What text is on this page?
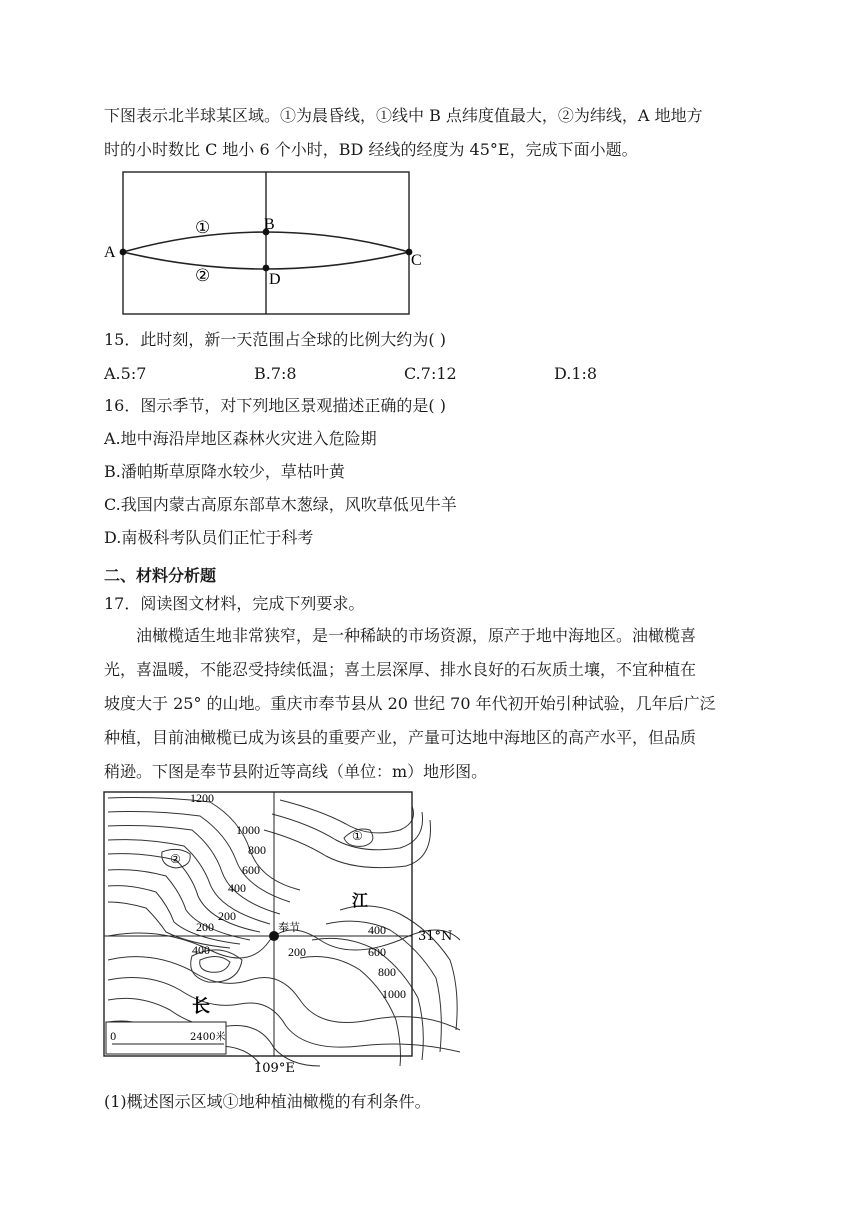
下图表示北半球某区域。①为晨昏线，①线中 B 点纬度值最大，②为纬线，A 地地方
时的小时数比 C 地小 6 个小时，BD 经线的经度为 45°E，完成下面小题。
A
B
C
D
①
②
15．此时刻，新一天范围占全球的比例大约为( )
A.5:7	B.7:8	C.7:12	D.1:8
16．图示季节，对下列地区景观描述正确的是( )
A.地中海沿岸地区森林火灾进入危险期
B.潘帕斯草原降水较少，草枯叶黄
C.我国内蒙古高原东部草木葱绿，风吹草低见牛羊
D.南极科考队员们正忙于科考
二、材料分析题
17．阅读图文材料，完成下列要求。
油橄榄适生地非常狭窄，是一种稀缺的市场资源，原产于地中海地区。油橄榄喜
光，喜温暖，不能忍受持续低温；喜土层深厚、排水良好的石灰质土壤，不宜种植在
坡度大于 25° 的山地。重庆市奉节县从 20 世纪 70 年代初开始引种试验，几年后广泛
种植，目前油橄榄已成为该县的重要产业，产量可达地中海地区的高产水平，但品质
稍逊。下图是奉节县附近等高线（单位：m）地形图。
0	2400米
1200
1000
800
600
400
200
200
400	200
400
600
800
1000
①
②
奉节
江
长
31°N
109°E
(1)概述图示区域①地种植油橄榄的有利条件。
